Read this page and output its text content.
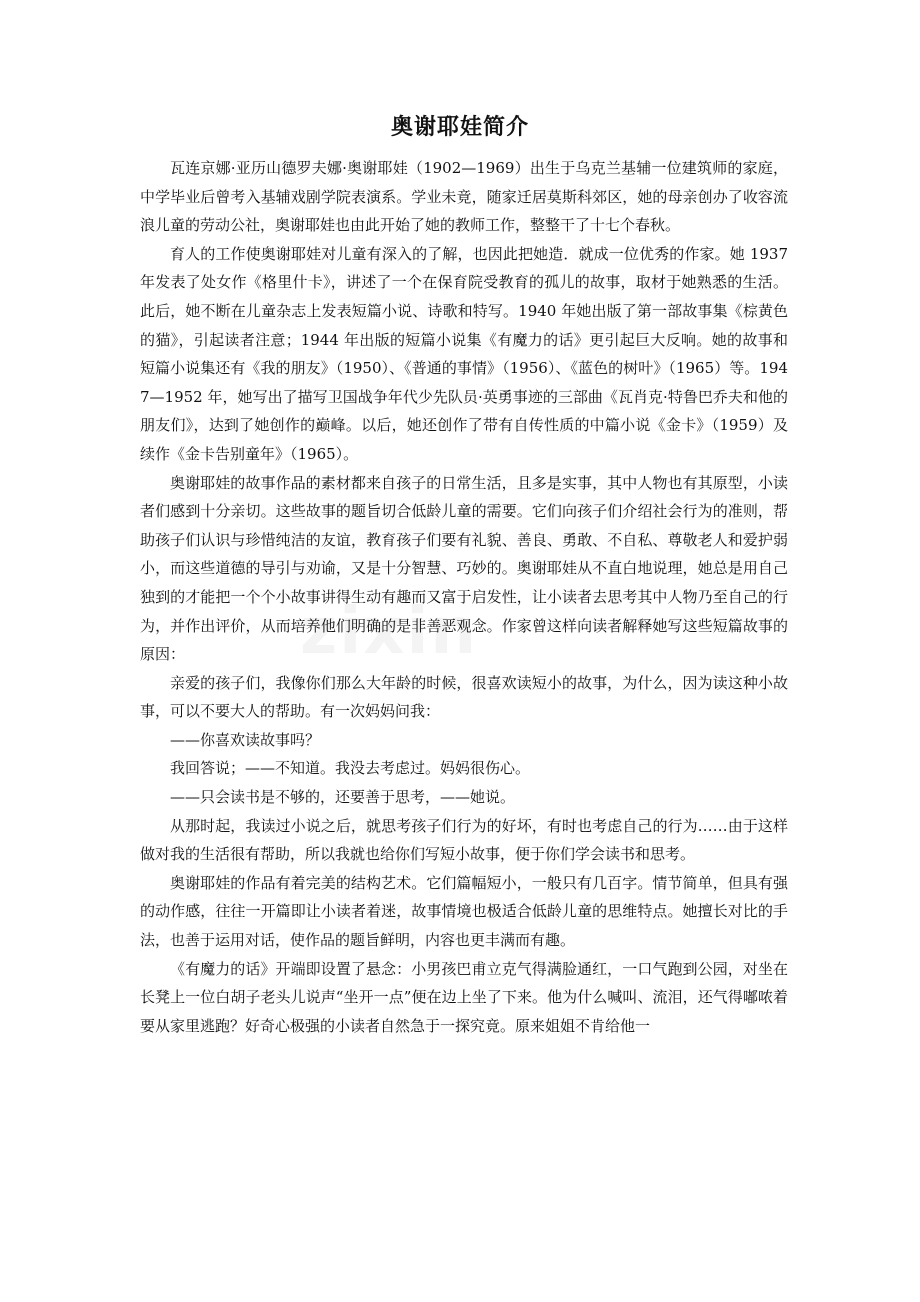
奥谢耶娃简介
zixin

瓦连京娜·亚历山德罗夫娜·奥谢耶娃（1902—1969）出生于乌克兰基辅一位建筑师的家庭，中学毕业后曾考入基辅戏剧学院表演系。学业未竟，随家迁居莫斯科郊区，她的母亲创办了收容流浪儿童的劳动公社，奥谢耶娃也由此开始了她的教师工作，整整干了十七个春秋。

育人的工作使奥谢耶娃对儿童有深入的了解，也因此把她造．就成一位优秀的作家。她 1937 年发表了处女作《格里什卡》，讲述了一个在保育院受教育的孤儿的故事，取材于她熟悉的生活。此后，她不断在儿童杂志上发表短篇小说、诗歌和特写。1940 年她出版了第一部故事集《棕黄色的猫》，引起读者注意；1944 年出版的短篇小说集《有魔力的话》更引起巨大反响。她的故事和短篇小说集还有《我的朋友》（1950）、《普通的事情》（1956）、《蓝色的树叶》（1965）等。1947—1952 年，她写出了描写卫国战争年代少先队员·英勇事迹的三部曲《瓦肖克·特鲁巴乔夫和他的朋友们》，达到了她创作的巅峰。以后，她还创作了带有自传性质的中篇小说《金卡》（1959）及续作《金卡告别童年》（1965）。

奥谢耶娃的故事作品的素材都来自孩子的日常生活，且多是实事，其中人物也有其原型，小读者们感到十分亲切。这些故事的题旨切合低龄儿童的需要。它们向孩子们介绍社会行为的准则，帮助孩子们认识与珍惜纯洁的友谊，教育孩子们要有礼貌、善良、勇敢、不自私、尊敬老人和爱护弱小，而这些道德的导引与劝谕，又是十分智慧、巧妙的。奥谢耶娃从不直白地说理，她总是用自己独到的才能把一个个小故事讲得生动有趣而又富于启发性，让小读者去思考其中人物乃至自己的行为，并作出评价，从而培养他们明确的是非善恶观念。作家曾这样向读者解释她写这些短篇故事的原因：

亲爱的孩子们，我像你们那么大年龄的时候，很喜欢读短小的故事，为什么，因为读这种小故事，可以不要大人的帮助。有一次妈妈问我：

——你喜欢读故事吗？

我回答说；——不知道。我没去考虑过。妈妈很伤心。

——只会读书是不够的，还要善于思考，——她说。

从那时起，我读过小说之后，就思考孩子们行为的好坏，有时也考虑自己的行为……由于这样做对我的生活很有帮助，所以我就也给你们写短小故事，便于你们学会读书和思考。

奥谢耶娃的作品有着完美的结构艺术。它们篇幅短小，一般只有几百字。情节简单，但具有强的动作感，往往一开篇即让小读者着迷，故事情境也极适合低龄儿童的思维特点。她擅长对比的手法，也善于运用对话，使作品的题旨鲜明，内容也更丰满而有趣。

《有魔力的话》开端即设置了悬念：小男孩巴甫立克气得满脸通红，一口气跑到公园，对坐在长凳上一位白胡子老头儿说声“坐开一点”便在边上坐了下来。他为什么喊叫、流泪，还气得嘟哝着要从家里逃跑？好奇心极强的小读者自然急于一探究竟。原来姐姐不肯给他一
